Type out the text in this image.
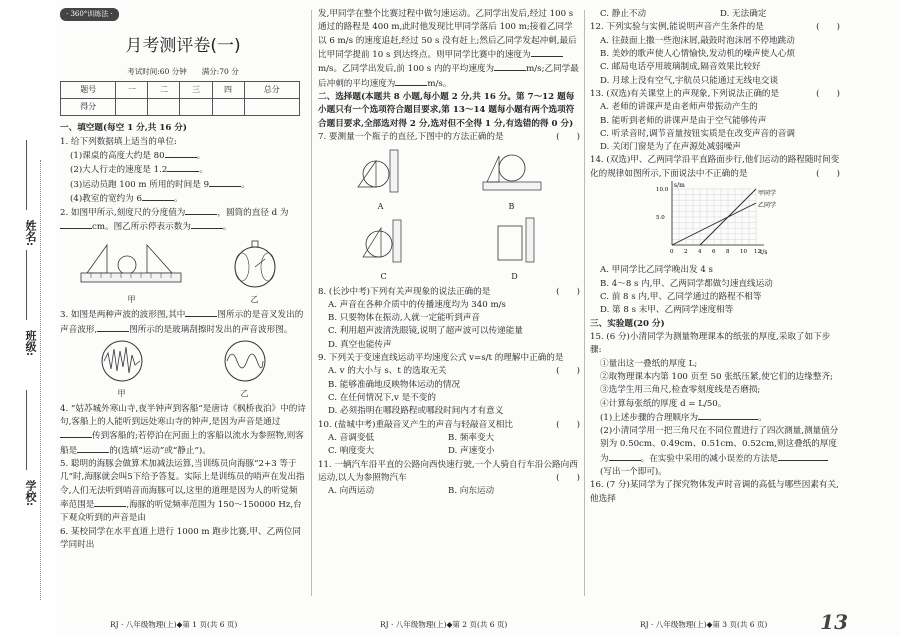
姓名:
班级:
学校:
· 360°训练法 ·
月考测评卷(一)
考试时间:60 分钟　　 满分:70 分
题号	一	二	三	四	总分
得分					

一、填空题(每空 1 分,共 16 分)

1. 给下列数据填上适当的单位:

(1)课桌的高度大约是 80	。

(2)大人行走的速度是 1.2	。

(3)运动员跑 100 m 所用的时间是 9	。

(4)教室的宽约为 6	。

2. 如图甲所示,刻度尺的分度值为	，圆筒的直径 d 为cm。图乙所示停表示数为	。

甲	乙

3. 如图是两种声波的波形图,其中	图所示的是音叉发出的声音波形,	图所示的是玻璃刮擦时发出的声音波形图。

甲	乙

4. “姑苏城外寒山寺,夜半钟声到客船”是唐诗《枫桥夜泊》中的诗句,客船上的人能听到远处寒山寺的钟声,是因为声音是通过传到客船的;若停泊在河面上的客船以流水为参照物,则客船是	的(选填“运动”或“静止”)。

5. 聪明的海豚会做算术加减法运算,当训练员向海豚“2+3 等于几”时,海豚就会叫5下给予答复。实际上是训练员的哨声在发出指令,人们无法听到哨音而海豚可以,这里的道理是因为人的听觉频率范围是	,海豚的听觉频率范围为 150～150000 Hz,台下观众听到的声音是由

6. 某校同学在水平直道上进行 1000 m 跑步比赛,甲、乙两位同学同时出

发,甲同学在整个比赛过程中做匀速运动。乙同学出发后,经过 100 s 通过的路程是 400 m,此时他发现比甲同学落后 100 m;接着乙同学以 6 m/s 的速度追赶,经过 50 s 没有赶上;然后乙同学发起冲刺,最后比甲同学提前 10 s 到达终点。则甲同学比赛中的速度为m/s。乙同学出发后,前 100 s 内的平均速度为	m/s;乙同学最后冲刺的平均速度为	m/s。

二、选择题(本题共 8 小题,每小题 2 分,共 16 分。第 7～12 题每小题只有一个选项符合题目要求,第 13～14 题每小题有两个选项符合题目要求,全部选对得 2 分,选对但不全得 1 分,有选错的得 0 分)

7. 要测量一个瓶子的直径,下图中的方法正确的是	(　　)

A	B
C	D

8. (长沙中考)下列有关声现象的说法正确的是	(　　)

A. 声音在各种介质中的传播速度均为 340 m/s

B. 只要物体在振动,人就一定能听到声音

C. 利用超声波清洗眼镜,说明了超声波可以传递能量

D. 真空也能传声

9. 下列关于变速直线运动平均速度公式 v=s/t 的理解中正确的是
(　　)

A. v 的大小与 s、t 的选取无关

B. 能够准确地反映物体运动的情况

C. 在任何情况下,v 是不变的

D. 必须指明在哪段路程或哪段时间内才有意义

10. (盐城中考)重敲音叉产生的声音与轻敲音叉相比	(　　)

A. 音调变低	B. 频率变大

C. 响度变大	D. 声速变小

11. 一辆汽车沿平直的公路向西快速行驶,一个人骑自行车沿公路向西运动,以人为参照物汽车	(　　)

A. 向西运动	B. 向东运动

C. 静止不动	D. 无法确定

12. 下列实验与实例,能说明声音产生条件的是	(　　)

A. 往鼓面上撒一些泡沫屑,敲鼓时泡沫屑不停地跳动

B. 美妙的歌声使人心情愉快,发动机的噪声使人心烦

C. 邮局电话亭用玻璃制成,隔音效果比较好

D. 月球上没有空气,宇航员只能通过无线电交谈

13. (双选)有关课堂上的声现象,下列说法正确的是	(　　)

A. 老师的讲课声是由老师声带振动产生的

B. 能听到老师的讲课声是由于空气能够传声

C. 听录音时,调节音量按钮实质是在改变声音的音调

D. 关闭门窗是为了在声源处减弱噪声

14. (双选)甲、乙两同学沿平直路面步行,他们运动的路程随时间变化的规律如图所示,下面说法中不正确的是	(　　)

t/s
s/m
0 2 4 6 8 10 12
5.0
10.0	甲同学
乙同学

A. 甲同学比乙同学晚出发 4 s

B. 4～8 s 内,甲、乙两同学都做匀速直线运动

C. 前 8 s 内,甲、乙同学通过的路程不相等

D. 第 8 s 末甲、乙两同学速度相等

三、实验题(20 分)

15. (6 分)小清同学为测量物理课本的纸张的厚度,采取了如下步骤:

①量出这一叠纸的厚度 L;

②取物理课本内第 100 页至 50 张纸压紧,使它们的边缘整齐;

③选学生用三角尺,检查零刻度线是否磨损;

④计算每张纸的厚度 d = L/50。

(1)上述步骤的合理顺序为	。

(2)小清同学用一把三角尺在不同位置进行了四次测量,测量值分别为 0.50cm、0.49cm、0.51cm、0.52cm,则这叠纸的厚度为	。在实验中采用的减小误差的方法是(写出一个即可)。

16. (7 分)某同学为了探究物体发声时音调的高低与哪些因素有关,他选择

RJ · 八年级物理(上)◆第 1 页(共 6 页)	RJ · 八年级物理(上)◆第 2 页(共 6 页)	RJ · 八年级物理(上)◆第 3 页(共 6 页)	13
